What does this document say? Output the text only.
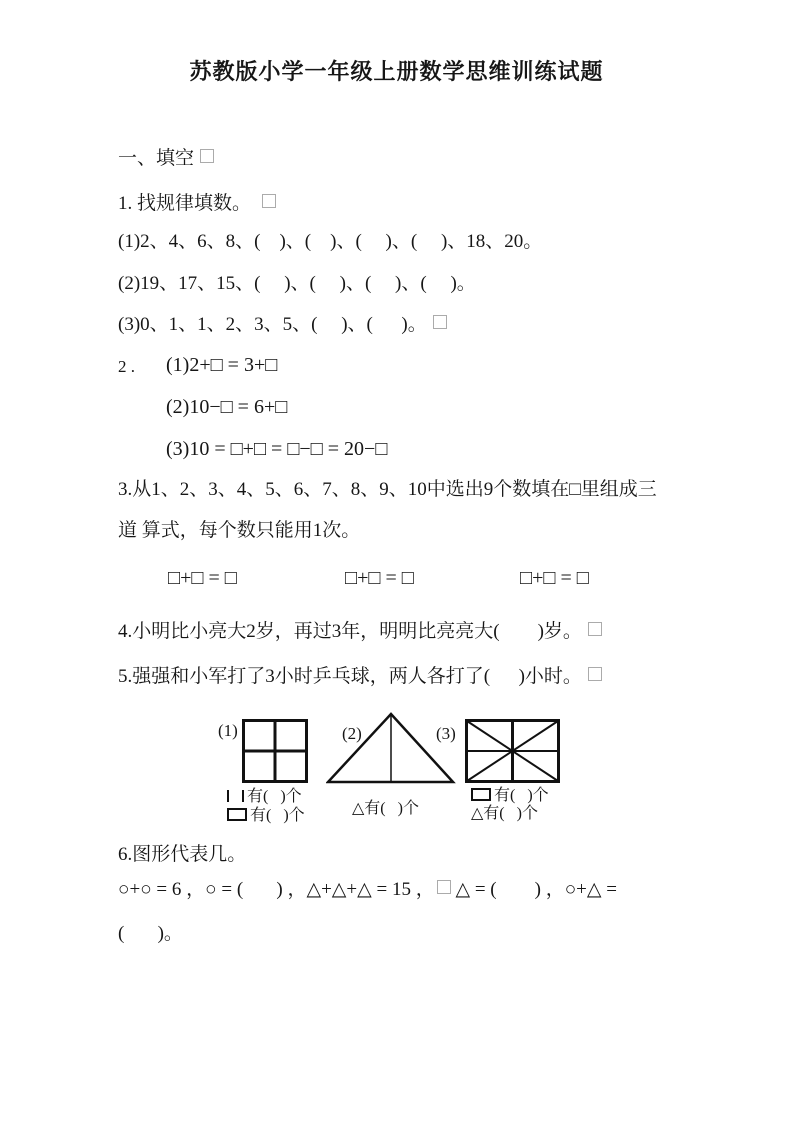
苏教版小学一年级上册数学思维训练试题
一、填空
1. 找规律填数。
(1)2、4、6、8、(    )、(    )、(     )、(     )、18、20。
(2)19、17、15、(     )、(     )、(     )、(     )。
(3)0、1、1、2、3、5、(     )、(      )。
2 . (1)2+□ = 3+□
(2)10−□ = 6+□
(3)10 = □+□ = □−□ = 20−□
3.从1、2、3、4、5、6、7、8、9、10中选出9个数填在□里组成三
道 算式，每个数只能用1次。
□+□ = □	□+□ = □	□+□ = □
4.小明比小亮大2岁，再过3年，明明比亮亮大(        )岁。
5.强强和小军打了3小时乒乓球，两人各打了(      )小时。
(1)
有(   )个
有(   )个
(2)
△有(   )个
(3)
有(   )个
△有(   )个
6.图形代表几。
○+○ = 6 ，○ = (       ) ，△+△+△ = 15 ， △ = (        ) ，○+△ =
(       )。
